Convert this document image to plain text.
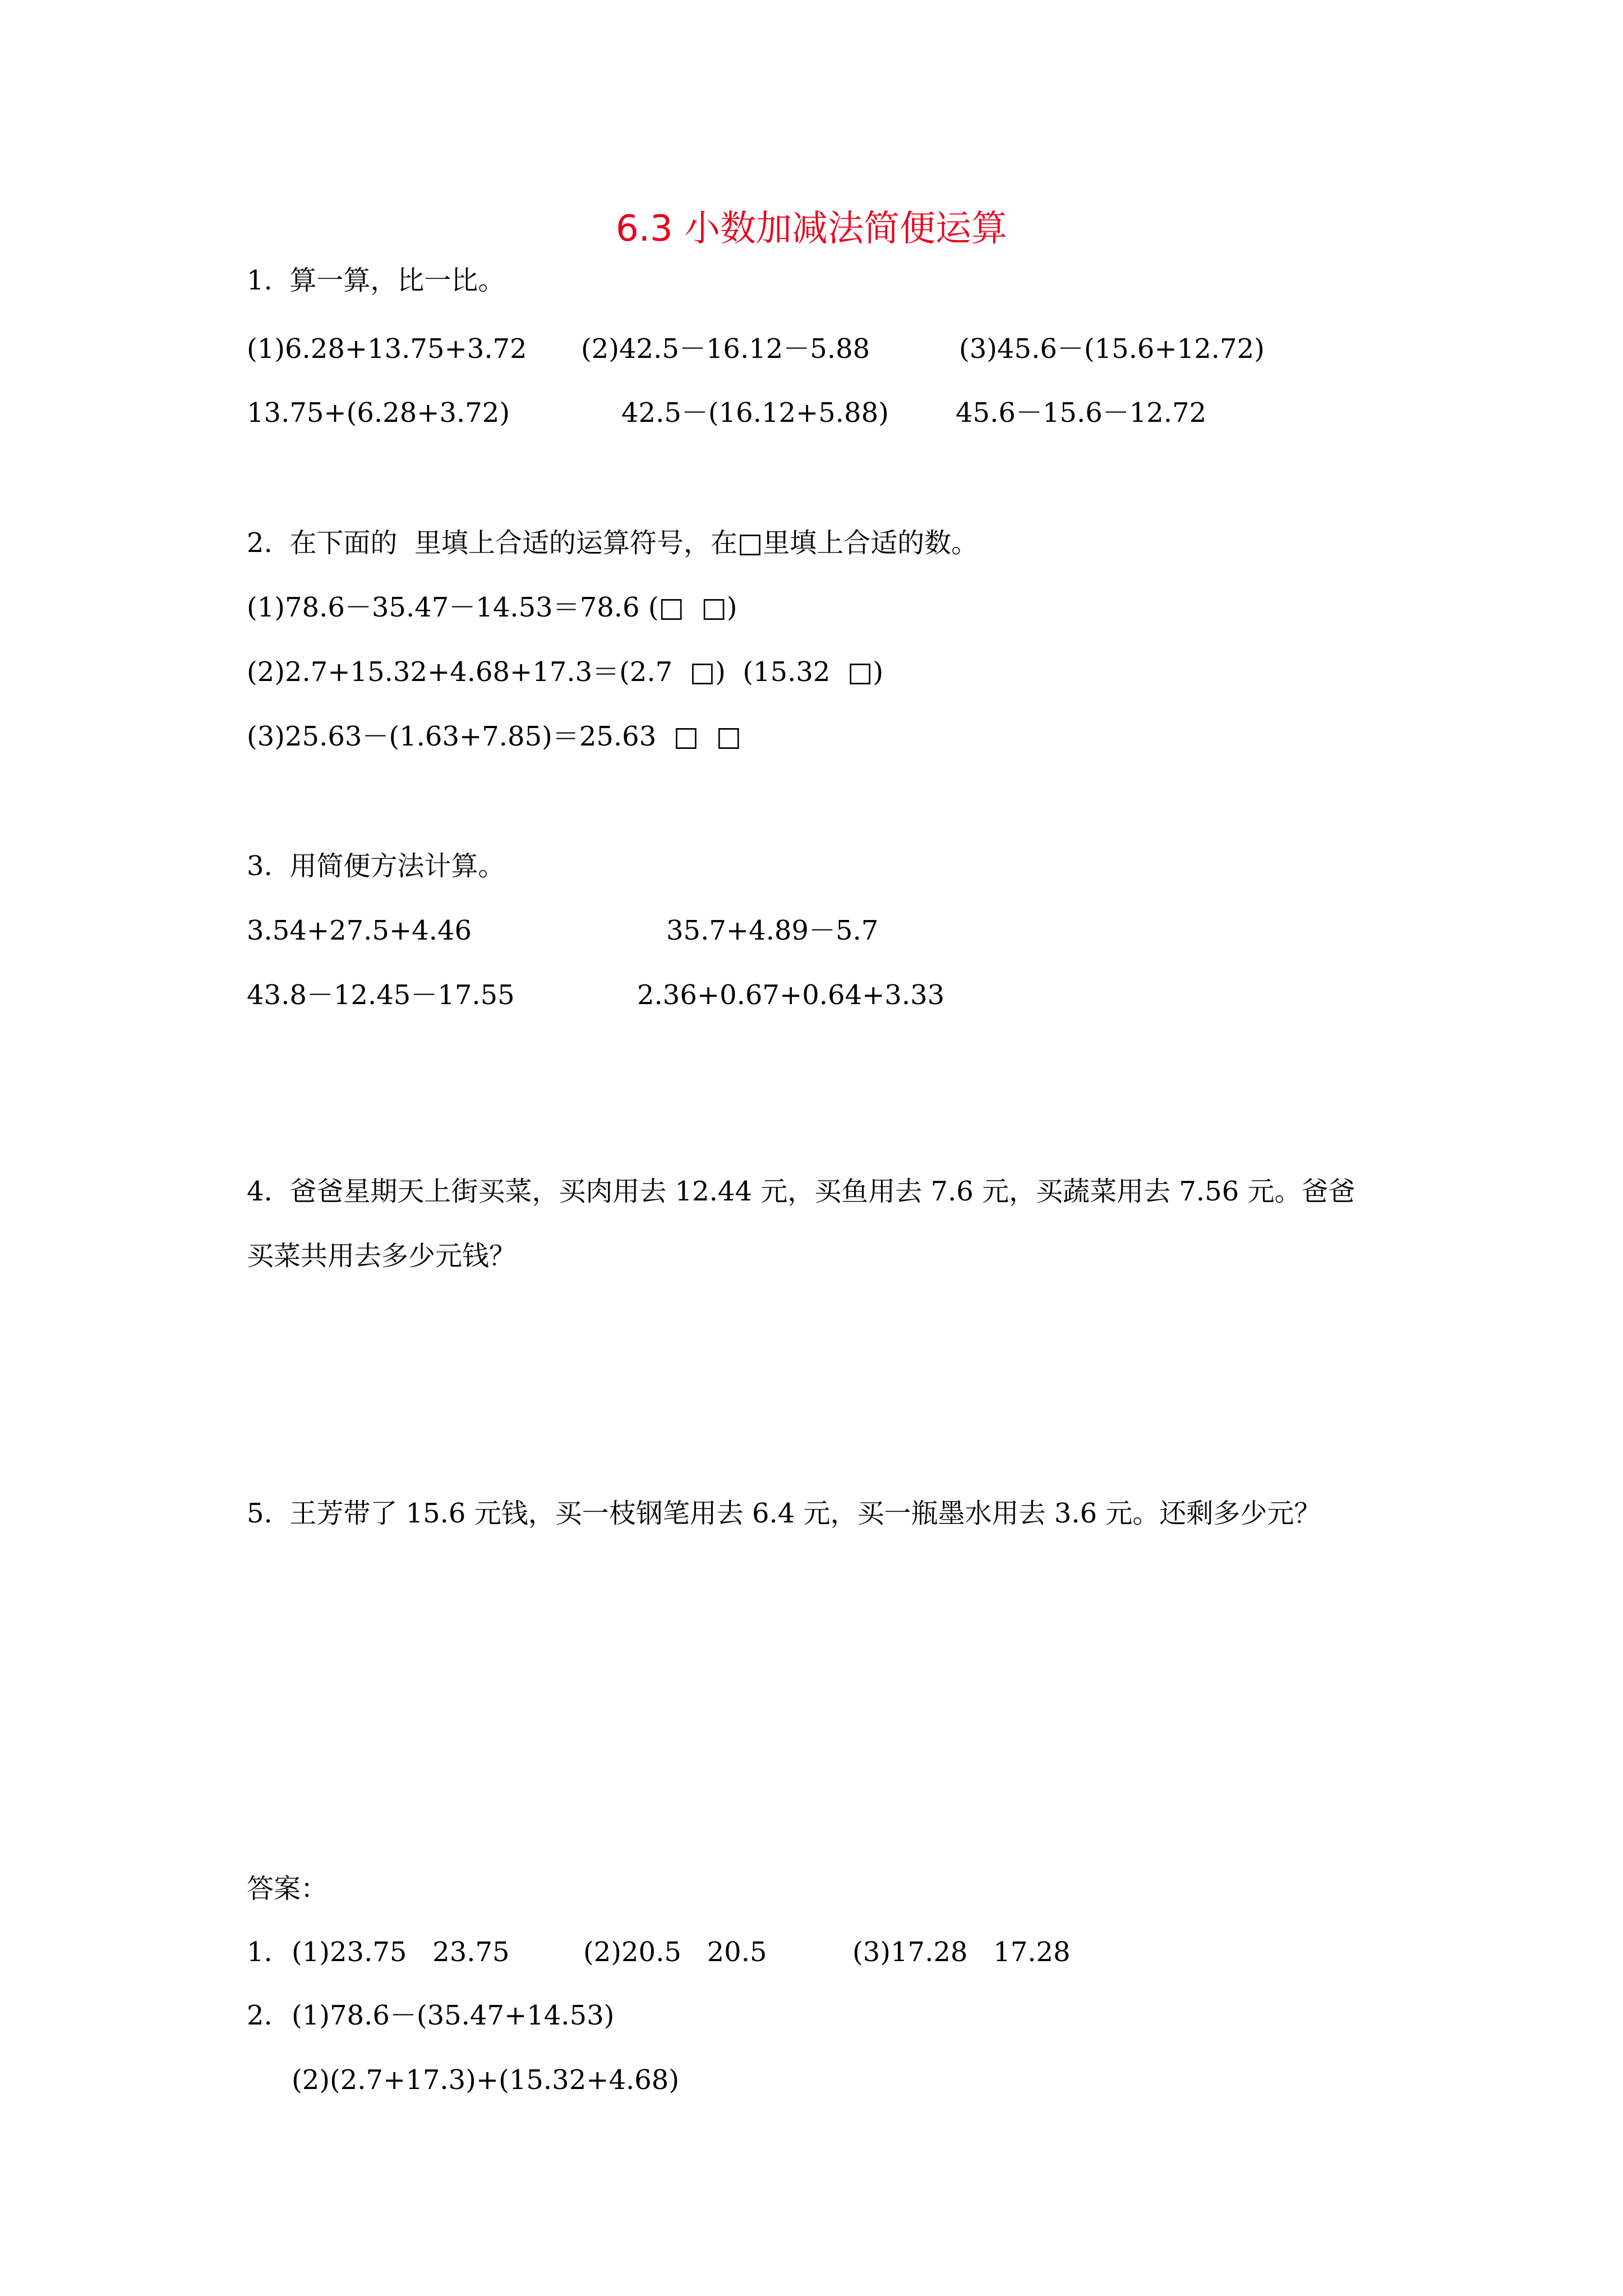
6.3 小数加减法简便运算
1.  算一算，比一比。
(1)6.28+13.75+3.72 (2)42.5－16.12－5.88	(3)45.6－(15.6+12.72)
13.75+(6.28+3.72)	42.5－(16.12+5.88) 45.6－15.6－12.72
2.  在下面的  里填上合适的运算符号，在□里填上合适的数。
(1)78.6－35.47－14.53＝78.6 (□  □)
(2)2.7+15.32+4.68+17.3＝(2.7  □)  (15.32  □)
(3)25.63－(1.63+7.85)＝25.63  □  □
3.  用简便方法计算。
3.54+27.5+4.46	35.7+4.89－5.7
43.8－12.45－17.55	2.36+0.67+0.64+3.33
4.  爸爸星期天上街买菜，买肉用去 12.44 元，买鱼用去 7.6 元，买蔬菜用去 7.56 元。爸爸
买菜共用去多少元钱？
5.  王芳带了 15.6 元钱，买一枝钢笔用去 6.4 元，买一瓶墨水用去 3.6 元。还剩多少元？
答案：
1. (1)23.75   23.75	(2)20.5   20.5	(3)17.28   17.28
2. (1)78.6－(35.47+14.53)
(2)(2.7+17.3)+(15.32+4.68)
